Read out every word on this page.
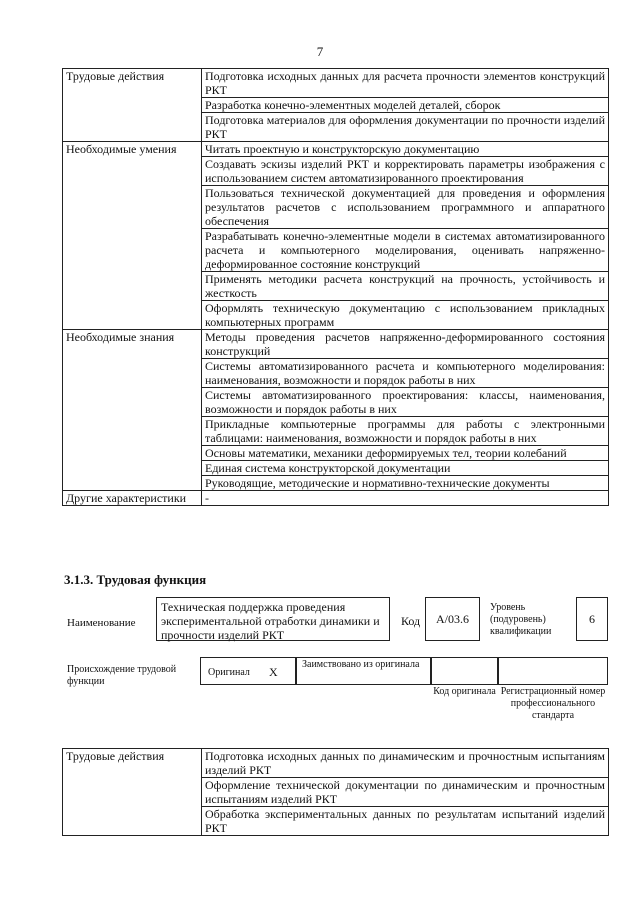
7
Трудовые действия	Подготовка исходных данных для расчета прочности элементов конструкций РКТ
	Разработка конечно-элементных моделей деталей, сборок
	Подготовка материалов для оформления документации по прочности изделий РКТ
Необходимые умения	Читать проектную и конструкторскую документацию
	Создавать эскизы изделий РКТ и корректировать параметры изображения с использованием систем автоматизированного проектирования
	Пользоваться технической документацией для проведения и оформления результатов расчетов с использованием программного и аппаратного обеспечения
	Разрабатывать конечно-элементные модели в системах автоматизированного расчета и компьютерного моделирования, оценивать напряженно-деформированное состояние конструкций
	Применять методики расчета конструкций на прочность, устойчивость и жесткость
	Оформлять техническую документацию с использованием прикладных компьютерных программ
Необходимые знания	Методы проведения расчетов напряженно-деформированного состояния конструкций
	Системы автоматизированного расчета и компьютерного моделирования: наименования, возможности и порядок работы в них
	Системы автоматизированного проектирования: классы, наименования, возможности и порядок работы в них
	Прикладные компьютерные программы для работы с электронными таблицами: наименования, возможности и порядок работы в них
	Основы математики, механики деформируемых тел, теории колебаний
	Единая система конструкторской документации
	Руководящие, методические и нормативно-технические документы
Другие характеристики	-
3.1.3. Трудовая функция
Наименование
Техническая поддержка проведения экспериментальной отработки динамики и прочности изделий РКТ
Код А/03.6
Уровень (подуровень) квалификации
6
Происхождение трудовой функции
Оригинал X
Заимствовано из оригинала
Код оригинала Регистрационный номер профессионального стандарта
Трудовые действия	Подготовка исходных данных по динамическим и прочностным испытаниям изделий РКТ
Оформление технической документации по динамическим и прочностным испытаниям изделий РКТ
Обработка экспериментальных данных по результатам испытаний изделий РКТ
